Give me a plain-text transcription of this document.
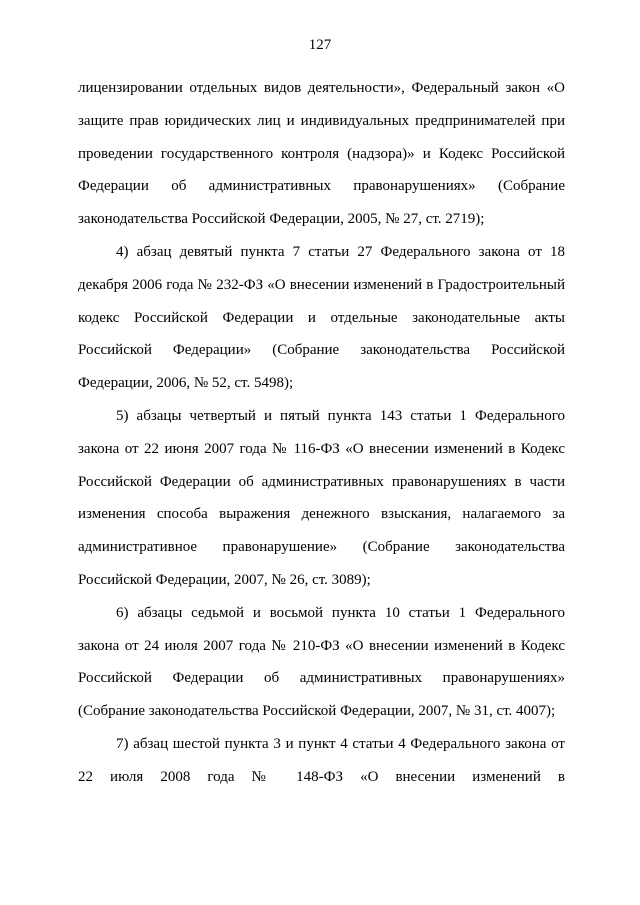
127
лицензировании отдельных видов деятельности», Федеральный закон «О
защите прав юридических лиц и индивидуальных предпринимателей при
проведении государственного контроля (надзора)» и Кодекс Российской
Федерации об административных правонарушениях» (Собрание
законодательства Российской Федерации, 2005, № 27, ст. 2719);
4) абзац девятый пункта 7 статьи 27 Федерального закона от 18
декабря 2006 года № 232-ФЗ «О внесении изменений в Градостроительный
кодекс Российской Федерации и отдельные законодательные акты
Российской Федерации» (Собрание законодательства Российской
Федерации, 2006, № 52, ст. 5498);
5) абзацы четвертый и пятый пункта 143 статьи 1 Федерального
закона от 22 июня 2007 года № 116-ФЗ «О внесении изменений в Кодекс
Российской Федерации об административных правонарушениях в части
изменения способа выражения денежного взыскания, налагаемого за
административное правонарушение» (Собрание законодательства
Российской Федерации, 2007, № 26, ст. 3089);
6) абзацы седьмой и восьмой пункта 10 статьи 1 Федерального
закона от 24 июля 2007 года № 210-ФЗ «О внесении изменений в Кодекс
Российской Федерации об административных правонарушениях»
(Собрание законодательства Российской Федерации, 2007, № 31, ст. 4007);
7) абзац шестой пункта 3 и пункт 4 статьи 4 Федерального закона от
22 июля 2008 года № 148-ФЗ «О внесении изменений в
